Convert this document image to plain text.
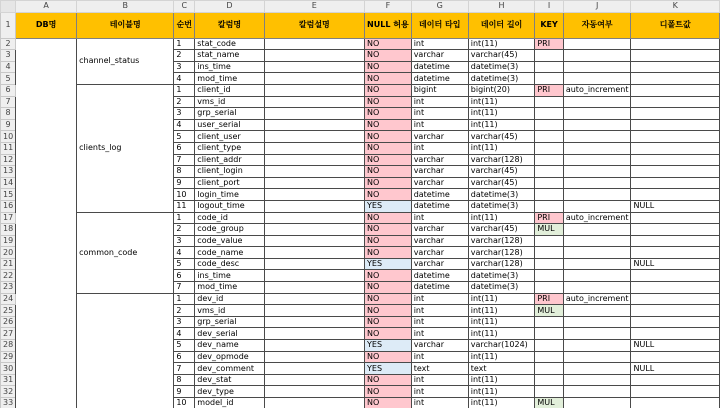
	A	B	C	D	E	F	G	H	I	J	K
1	DB명	테이블명	순번	칼럼명	칼럼설명	NULL 허용	데이터 타입	데이터 길이	KEY	자동여부	디폴트값
2		channel_status	1	stat_code		NO	int	int(11)	PRI		
3			2	stat_name		NO	varchar	varchar(45)			
4			3	ins_time		NO	datetime	datetime(3)			
5			4	mod_time		NO	datetime	datetime(3)			
6		clients_log	1	client_id		NO	bigint	bigint(20)	PRI	auto_increment	
7			2	vms_id		NO	int	int(11)			
8			3	grp_serial		NO	int	int(11)			
9			4	user_serial		NO	int	int(11)			
10			5	client_user		NO	varchar	varchar(45)			
11			6	client_type		NO	int	int(11)			
12			7	client_addr		NO	varchar	varchar(128)			
13			8	client_login		NO	varchar	varchar(45)			
14			9	client_port		NO	varchar	varchar(45)			
15			10	login_time		NO	datetime	datetime(3)			
16			11	logout_time		YES	datetime	datetime(3)			NULL
17		common_code	1	code_id		NO	int	int(11)	PRI	auto_increment	
18			2	code_group		NO	varchar	varchar(45)	MUL		
19			3	code_value		NO	varchar	varchar(128)			
20			4	code_name		NO	varchar	varchar(128)			
21			5	code_desc		YES	varchar	varchar(128)			NULL
22			6	ins_time		NO	datetime	datetime(3)			
23			7	mod_time		NO	datetime	datetime(3)			
24			1	dev_id		NO	int	int(11)	PRI	auto_increment	
25			2	vms_id		NO	int	int(11)	MUL		
26			3	grp_serial		NO	int	int(11)			
27			4	dev_serial		NO	int	int(11)			
28			5	dev_name		YES	varchar	varchar(1024)			NULL
29			6	dev_opmode		NO	int	int(11)			
30			7	dev_comment		YES	text	text			NULL
31			8	dev_stat		NO	int	int(11)			
32			9	dev_type		NO	int	int(11)			
33			10	model_id		NO	int	int(11)	MUL		
